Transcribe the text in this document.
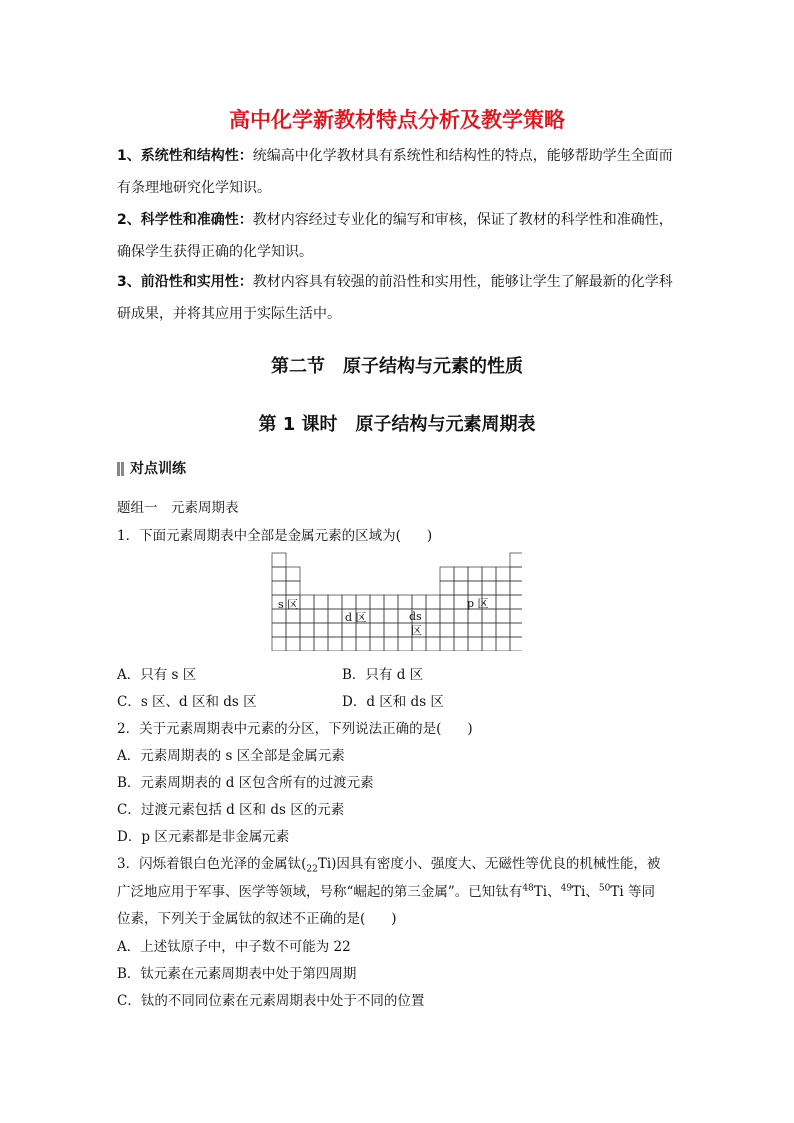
高中化学新教材特点分析及教学策略
1、系统性和结构性：统编高中化学教材具有系统性和结构性的特点，能够帮助学生全面而
有条理地研究化学知识。
2、科学性和准确性：教材内容经过专业化的编写和审核，保证了教材的科学性和准确性，
确保学生获得正确的化学知识。
3、前沿性和实用性：教材内容具有较强的前沿性和实用性，能够让学生了解最新的化学科
研成果，并将其应用于实际生活中。
第二节　原子结构与元素的性质
第 1 课时　原子结构与元素周期表
对点训练
题组一　元素周期表
1．下面元素周期表中全部是金属元素的区域为( )
s 区
d 区	ds
区
p 区
A．只有 s 区	B．只有 d 区
C．s 区、d 区和 ds 区	D．d 区和 ds 区
2．关于元素周期表中元素的分区，下列说法正确的是( )
A．元素周期表的 s 区全部是金属元素
B．元素周期表的 d 区包含所有的过渡元素
C．过渡元素包括 d 区和 ds 区的元素
D．p 区元素都是非金属元素
3．闪烁着银白色光泽的金属钛$(_{22}Ti)$因具有密度小、强度大、无磁性等优良的机械性能，被
广泛地应用于军事、医学等领域，号称“崛起的第三金属”。已知钛有$^{48}$Ti、$^{49}$Ti、$^{50}$Ti 等同
位素，下列关于金属钛的叙述不正确的是( )
A．上述钛原子中，中子数不可能为 22
B．钛元素在元素周期表中处于第四周期
C．钛的不同同位素在元素周期表中处于不同的位置
